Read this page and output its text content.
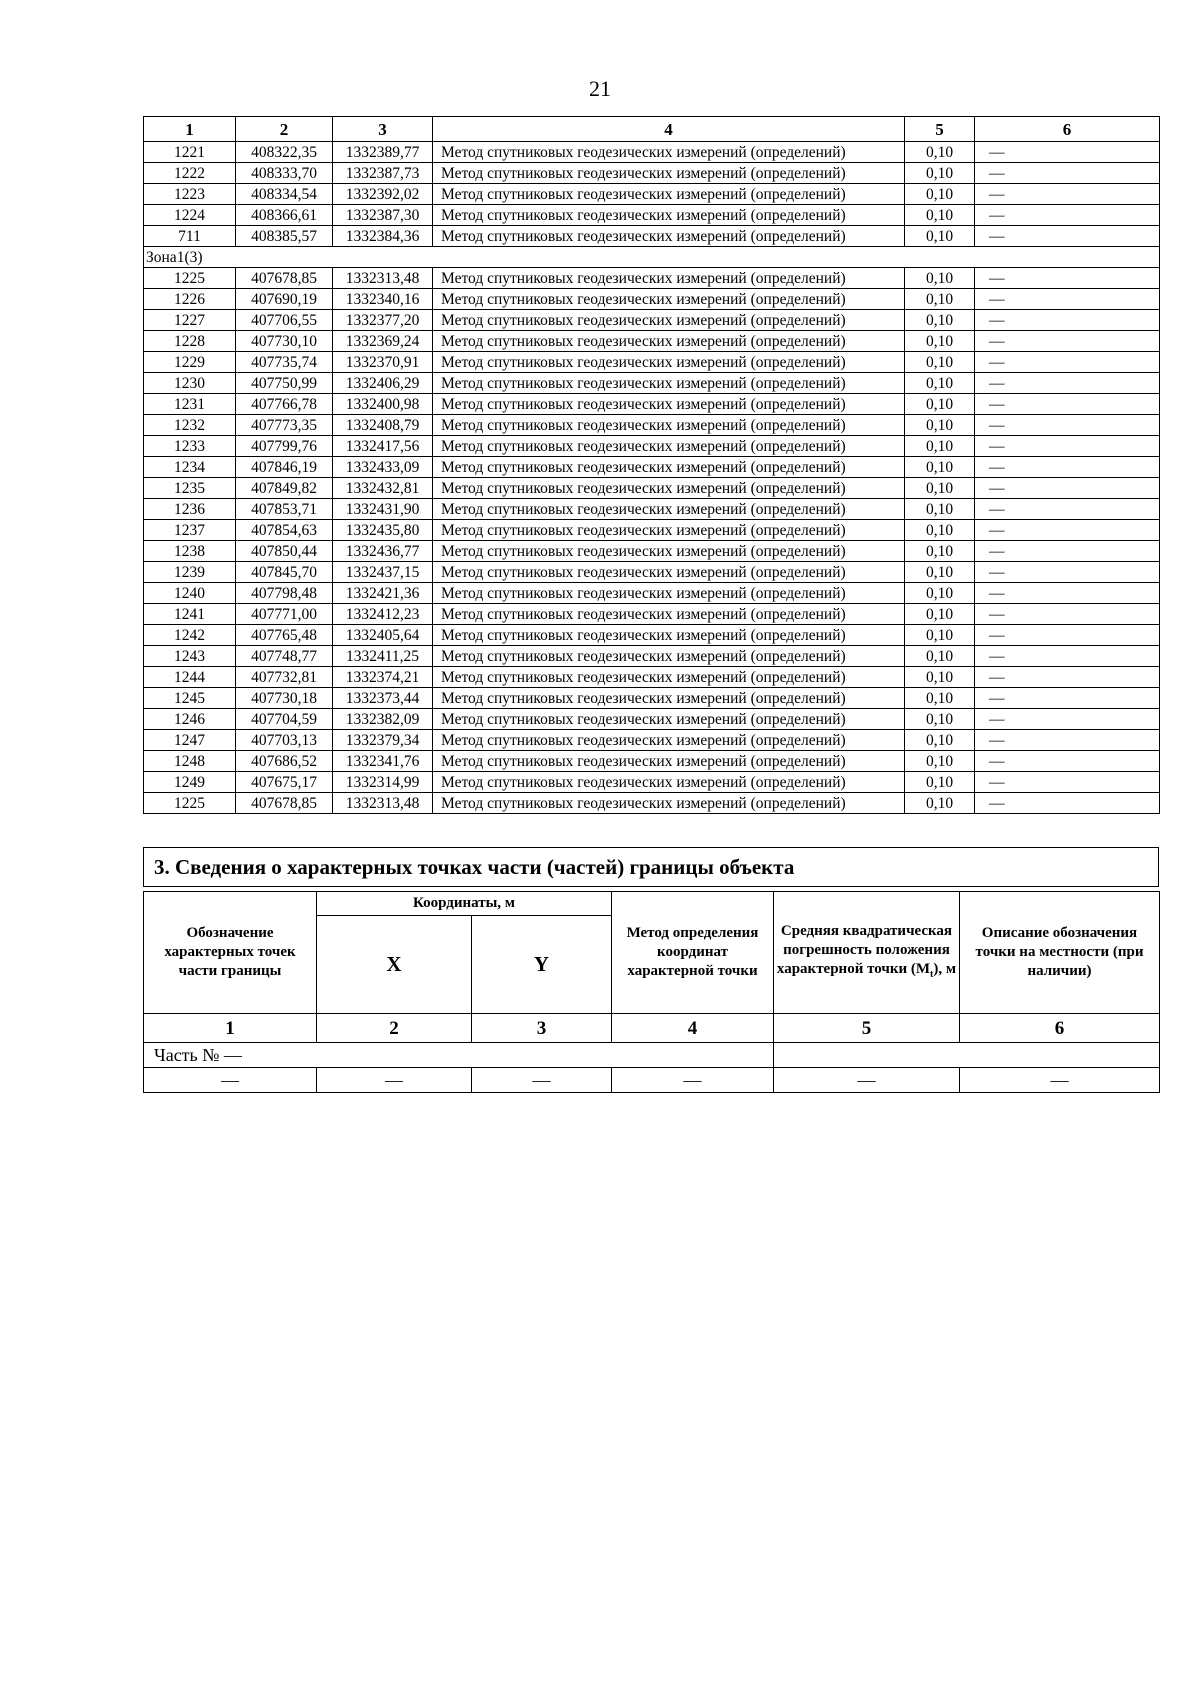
21
1	2	3	4	5	6
1221	408322,35	1332389,77	Метод спутниковых геодезических измерений (определений)	0,10	—
1222	408333,70	1332387,73	Метод спутниковых геодезических измерений (определений)	0,10	—
1223	408334,54	1332392,02	Метод спутниковых геодезических измерений (определений)	0,10	—
1224	408366,61	1332387,30	Метод спутниковых геодезических измерений (определений)	0,10	—
711	408385,57	1332384,36	Метод спутниковых геодезических измерений (определений)	0,10	—
Зона1(3)					
1225	407678,85	1332313,48	Метод спутниковых геодезических измерений (определений)	0,10	—
1226	407690,19	1332340,16	Метод спутниковых геодезических измерений (определений)	0,10	—
1227	407706,55	1332377,20	Метод спутниковых геодезических измерений (определений)	0,10	—
1228	407730,10	1332369,24	Метод спутниковых геодезических измерений (определений)	0,10	—
1229	407735,74	1332370,91	Метод спутниковых геодезических измерений (определений)	0,10	—
1230	407750,99	1332406,29	Метод спутниковых геодезических измерений (определений)	0,10	—
1231	407766,78	1332400,98	Метод спутниковых геодезических измерений (определений)	0,10	—
1232	407773,35	1332408,79	Метод спутниковых геодезических измерений (определений)	0,10	—
1233	407799,76	1332417,56	Метод спутниковых геодезических измерений (определений)	0,10	—
1234	407846,19	1332433,09	Метод спутниковых геодезических измерений (определений)	0,10	—
1235	407849,82	1332432,81	Метод спутниковых геодезических измерений (определений)	0,10	—
1236	407853,71	1332431,90	Метод спутниковых геодезических измерений (определений)	0,10	—
1237	407854,63	1332435,80	Метод спутниковых геодезических измерений (определений)	0,10	—
1238	407850,44	1332436,77	Метод спутниковых геодезических измерений (определений)	0,10	—
1239	407845,70	1332437,15	Метод спутниковых геодезических измерений (определений)	0,10	—
1240	407798,48	1332421,36	Метод спутниковых геодезических измерений (определений)	0,10	—
1241	407771,00	1332412,23	Метод спутниковых геодезических измерений (определений)	0,10	—
1242	407765,48	1332405,64	Метод спутниковых геодезических измерений (определений)	0,10	—
1243	407748,77	1332411,25	Метод спутниковых геодезических измерений (определений)	0,10	—
1244	407732,81	1332374,21	Метод спутниковых геодезических измерений (определений)	0,10	—
1245	407730,18	1332373,44	Метод спутниковых геодезических измерений (определений)	0,10	—
1246	407704,59	1332382,09	Метод спутниковых геодезических измерений (определений)	0,10	—
1247	407703,13	1332379,34	Метод спутниковых геодезических измерений (определений)	0,10	—
1248	407686,52	1332341,76	Метод спутниковых геодезических измерений (определений)	0,10	—
1249	407675,17	1332314,99	Метод спутниковых геодезических измерений (определений)	0,10	—
1225	407678,85	1332313,48	Метод спутниковых геодезических измерений (определений)	0,10	—
3. Сведения о характерных точках части (частей) границы объекта
Обозначение характерных точек части границы	Координаты, м		Метод определения координат характерной точки	Средняя квадратическая погрешность положения характерной точки $(M_t)$, м	Описание обозначения точки на местности (при наличии)
	X	Y			
1	2	3	4	5	6
Часть № —					
—	—	—	—	—	—
